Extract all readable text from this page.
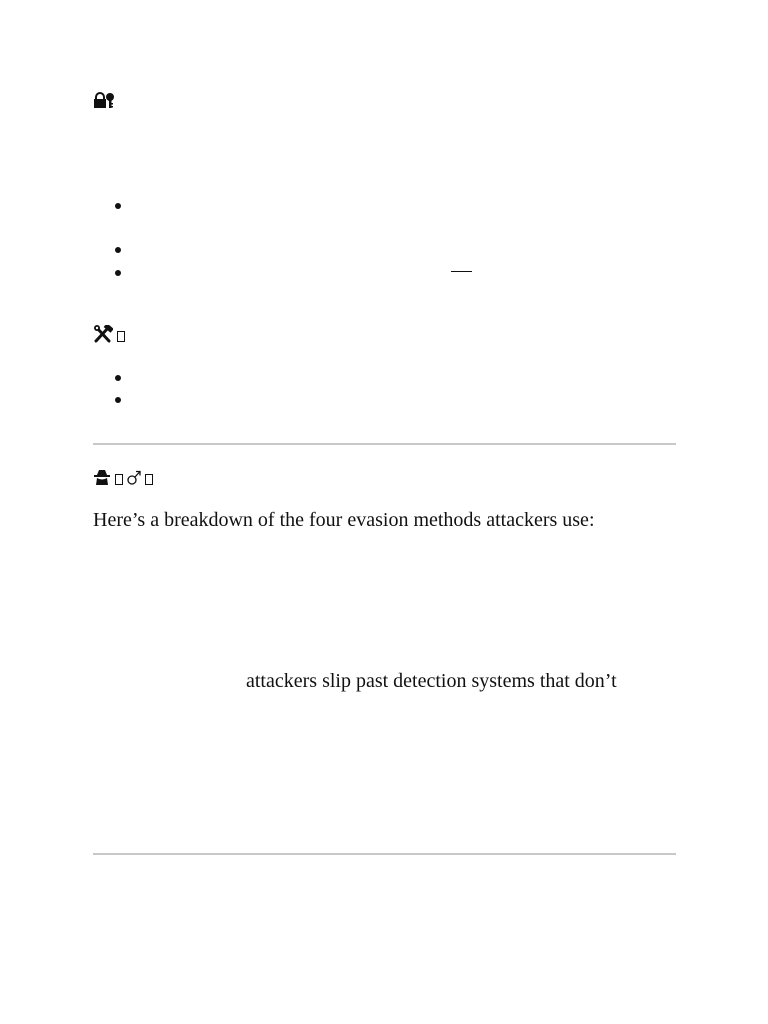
Here’s a breakdown of the four evasion methods attackers use:
attackers slip past detection systems that don’t
